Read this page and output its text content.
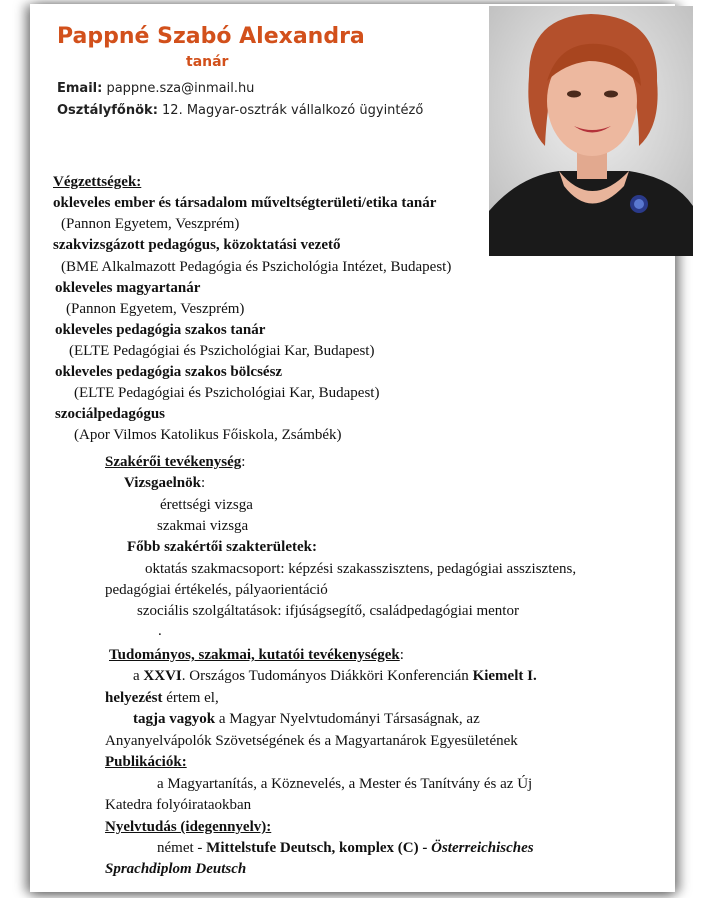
Pappné Szabó Alexandra
tanár
Email: pappne.sza@inmail.hu
Osztályfőnök: 12. Magyar-osztrák vállalkozó ügyintéző
Végzettségek:
okleveles ember és társadalom műveltségterületi/etika tanár
(Pannon Egyetem, Veszprém)
szakvizsgázott pedagógus, közoktatási vezető
(BME Alkalmazott Pedagógia és Pszichológia Intézet, Budapest)
okleveles magyartanár
(Pannon Egyetem, Veszprém)
okleveles pedagógia szakos tanár
(ELTE Pedagógiai és Pszichológiai Kar, Budapest)
okleveles pedagógia szakos bölcsész
(ELTE Pedagógiai és Pszichológiai Kar, Budapest)
szociálpedagógus
(Apor Vilmos Katolikus Főiskola, Zsámbék)
Szakérői tevékenység:
Vizsgaelnök:
érettségi vizsga
szakmai vizsga
Főbb szakértői szakterületek:
oktatás szakmacsoport: képzési szakasszisztens, pedagógiai asszisztens,
pedagógiai értékelés, pályaorientáció
szociális szolgáltatások: ifjúságsegítő, családpedagógiai mentor
.
Tudományos, szakmai, kutatói tevékenységek:
a XXVI. Országos Tudományos Diákköri Konferencián Kiemelt I.
helyezést értem el,
tagja vagyok a Magyar Nyelvtudományi Társaságnak, az
Anyanyelvápolók Szövetségének és a Magyartanárok Egyesületének
Publikációk:
a Magyartanítás, a Köznevelés, a Mester és Tanítvány és az Új
Katedra folyóirataokban
Nyelvtudás (idegennyelv):
német - Mittelstufe Deutsch, komplex (C) - Österreichisches
Sprachdiplom Deutsch
